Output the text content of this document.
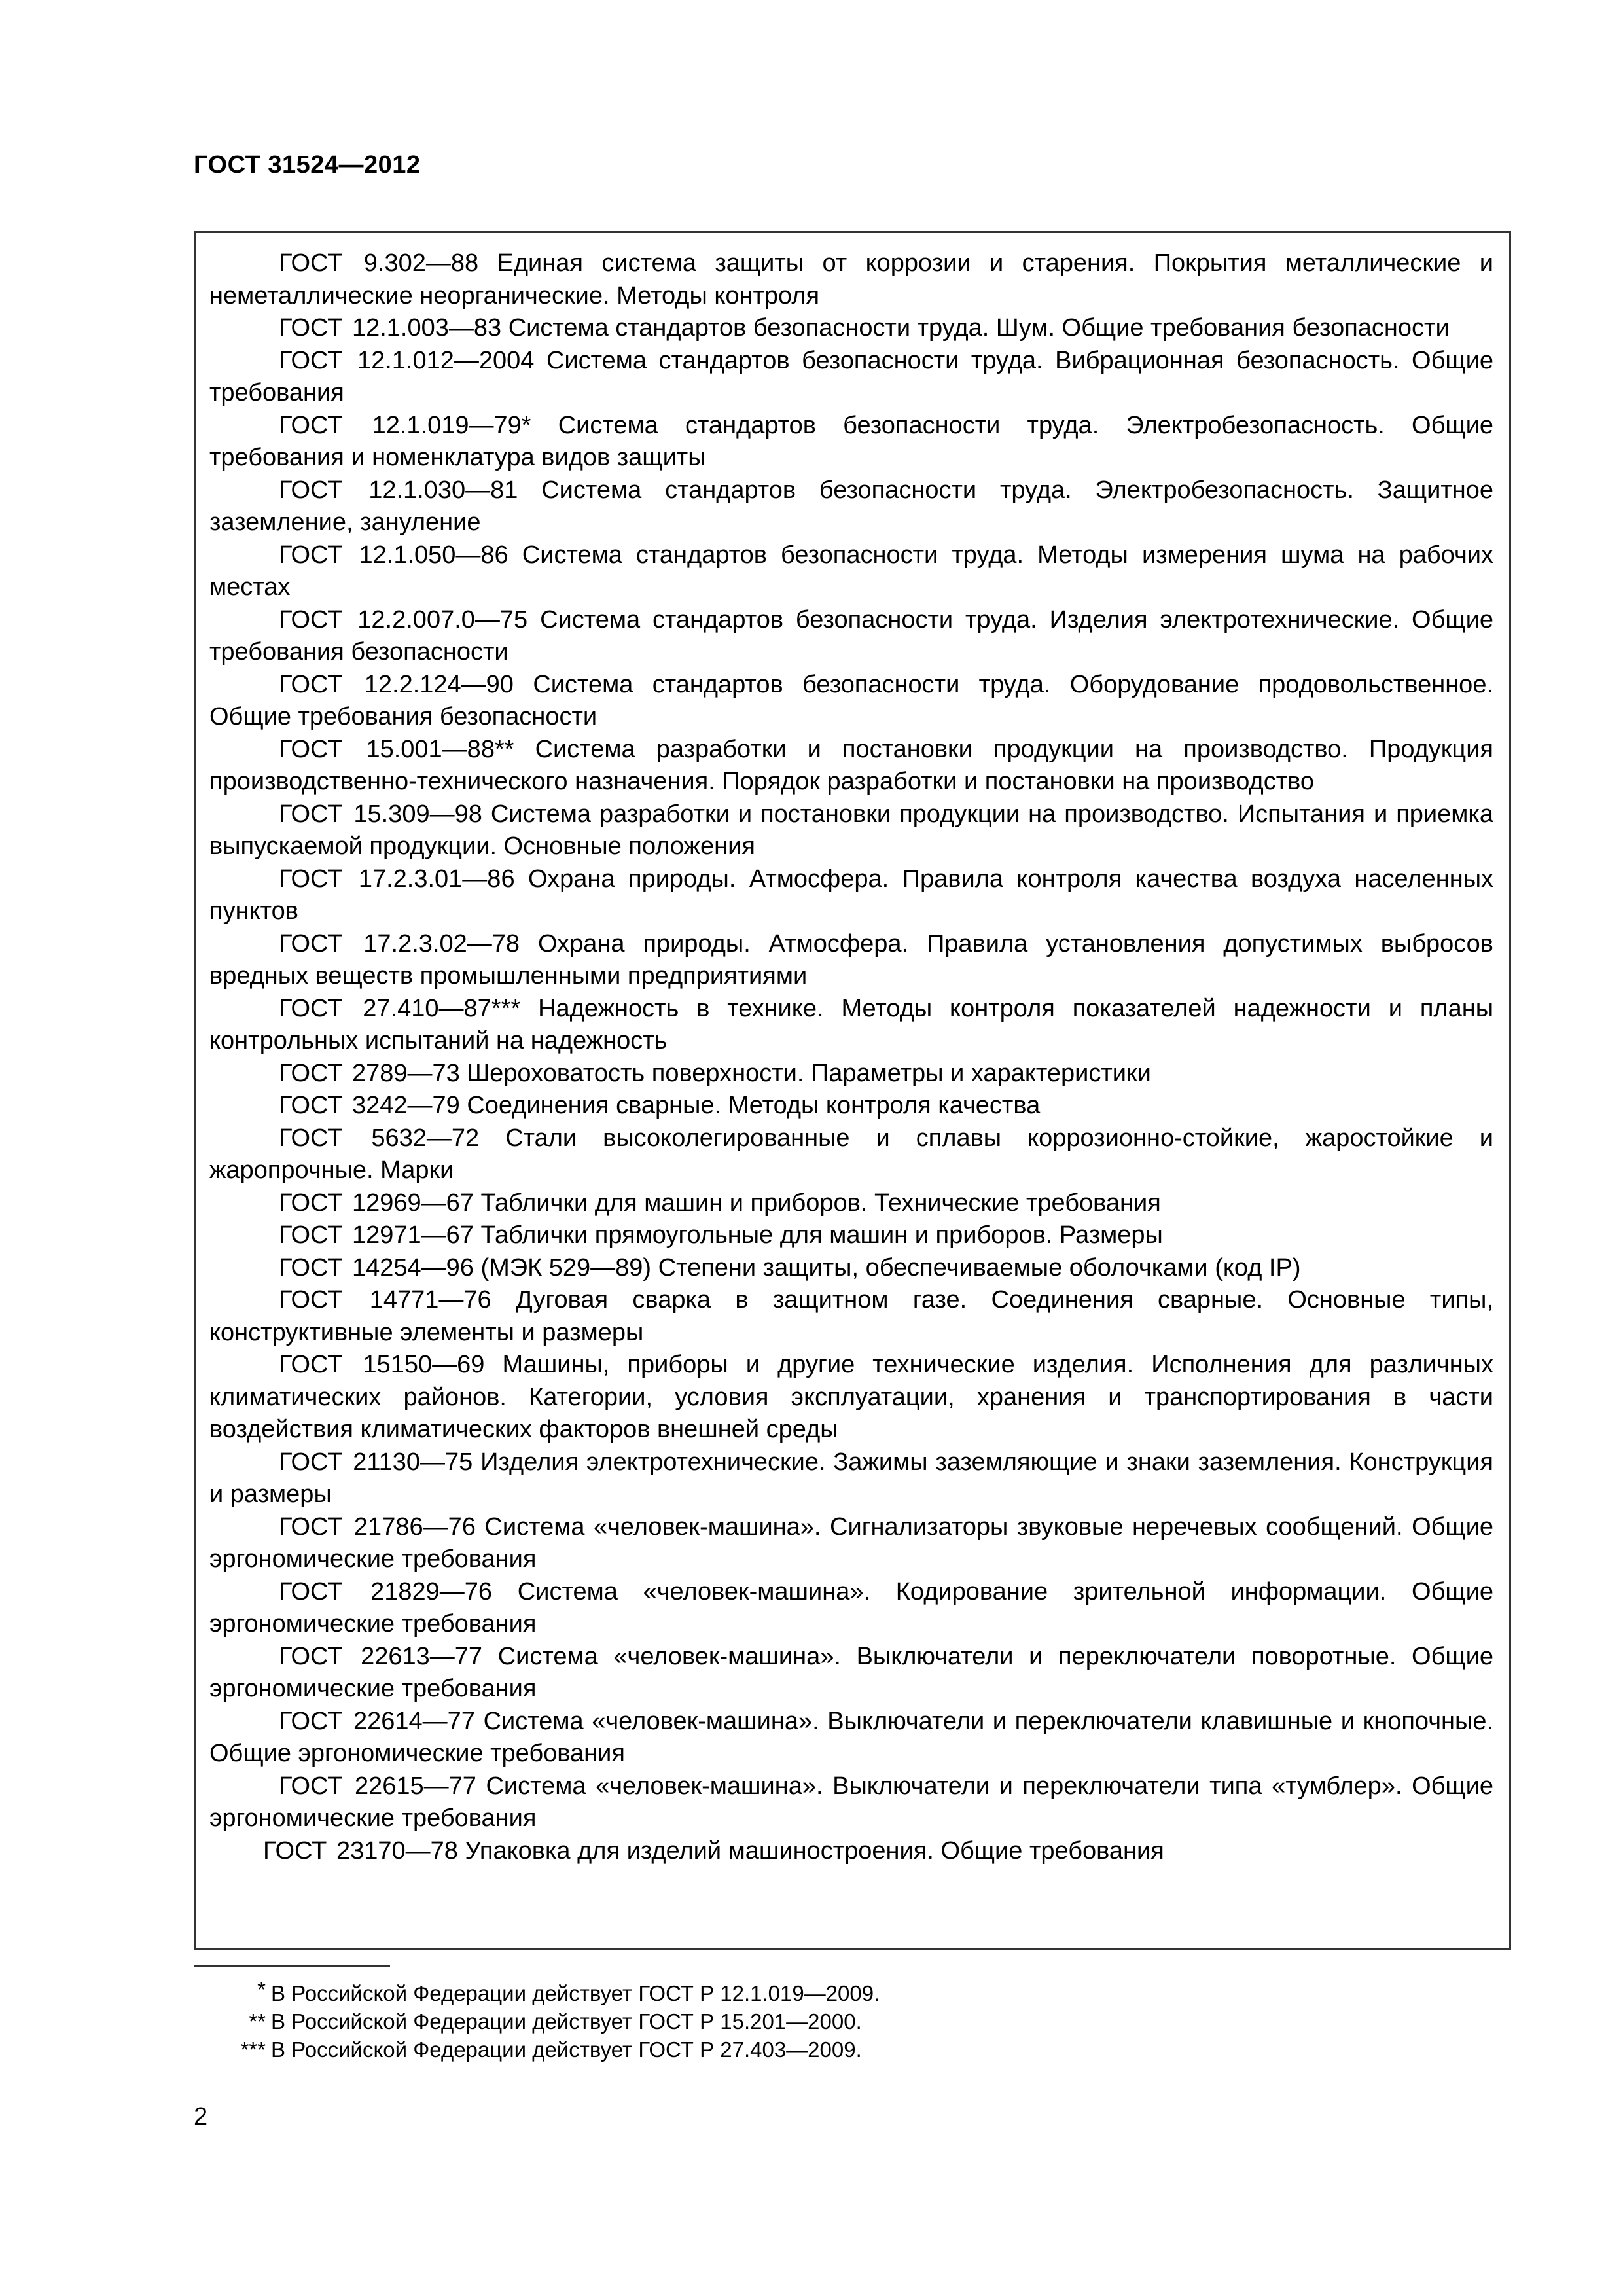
ГОСТ 31524—2012

ГОСТ 9.302—88 Единая система защиты от коррозии и старения. Покрытия металлические и неметаллические неорганические. Методы контроля

ГОСТ 12.1.003—83 Система стандартов безопасности труда. Шум. Общие требования безопасности

ГОСТ 12.1.012—2004 Система стандартов безопасности труда. Вибрационная безопасность. Общие требования

ГОСТ 12.1.019—79* Система стандартов безопасности труда. Электробезопасность. Общие требования и номенклатура видов защиты

ГОСТ 12.1.030—81 Система стандартов безопасности труда. Электробезопасность. Защитное заземление, зануление

ГОСТ 12.1.050—86 Система стандартов безопасности труда. Методы измерения шума на рабочих местах

ГОСТ 12.2.007.0—75 Система стандартов безопасности труда. Изделия электротехнические. Общие требования безопасности

ГОСТ 12.2.124—90 Система стандартов безопасности труда. Оборудование продовольственное. Общие требования безопасности

ГОСТ 15.001—88** Система разработки и постановки продукции на производство. Продукция производственно-технического назначения. Порядок разработки и постановки на производство

ГОСТ 15.309—98 Система разработки и постановки продукции на производство. Испытания и приемка выпускаемой продукции. Основные положения

ГОСТ 17.2.3.01—86 Охрана природы. Атмосфера. Правила контроля качества воздуха населенных пунктов

ГОСТ 17.2.3.02—78 Охрана природы. Атмосфера. Правила установления допустимых выбросов вредных веществ промышленными предприятиями

ГОСТ 27.410—87*** Надежность в технике. Методы контроля показателей надежности и планы контрольных испытаний на надежность

ГОСТ 2789—73 Шероховатость поверхности. Параметры и характеристики

ГОСТ 3242—79 Соединения сварные. Методы контроля качества

ГОСТ 5632—72 Стали высоколегированные и сплавы коррозионно-стойкие, жаростойкие и жаропрочные. Марки

ГОСТ 12969—67 Таблички для машин и приборов. Технические требования

ГОСТ 12971—67 Таблички прямоугольные для машин и приборов. Размеры

ГОСТ 14254—96 (МЭК 529—89) Степени защиты, обеспечиваемые оболочками (код IP)

ГОСТ 14771—76 Дуговая сварка в защитном газе. Соединения сварные. Основные типы, конструктивные элементы и размеры

ГОСТ 15150—69 Машины, приборы и другие технические изделия. Исполнения для различных климатических районов. Категории, условия эксплуатации, хранения и транспортирования в части воздействия климатических факторов внешней среды

ГОСТ 21130—75 Изделия электротехнические. Зажимы заземляющие и знаки заземления. Конструкция и размеры

ГОСТ 21786—76 Система «человек-машина». Сигнализаторы звуковые неречевых сообщений. Общие эргономические требования

ГОСТ 21829—76 Система «человек-машина». Кодирование зрительной информации. Общие эргономические требования

ГОСТ 22613—77 Система «человек-машина». Выключатели и переключатели поворотные. Общие эргономические требования

ГОСТ 22614—77 Система «человек-машина». Выключатели и переключатели клавишные и кнопочные. Общие эргономические требования

ГОСТ 22615—77 Система «человек-машина». Выключатели и переключатели типа «тумблер». Общие эргономические требования

ГОСТ 23170—78 Упаковка для изделий машиностроения. Общие требования

* В Российской Федерации действует ГОСТ Р 12.1.019—2009.

** В Российской Федерации действует ГОСТ Р 15.201—2000.

*** В Российской Федерации действует ГОСТ Р 27.403—2009.

2
